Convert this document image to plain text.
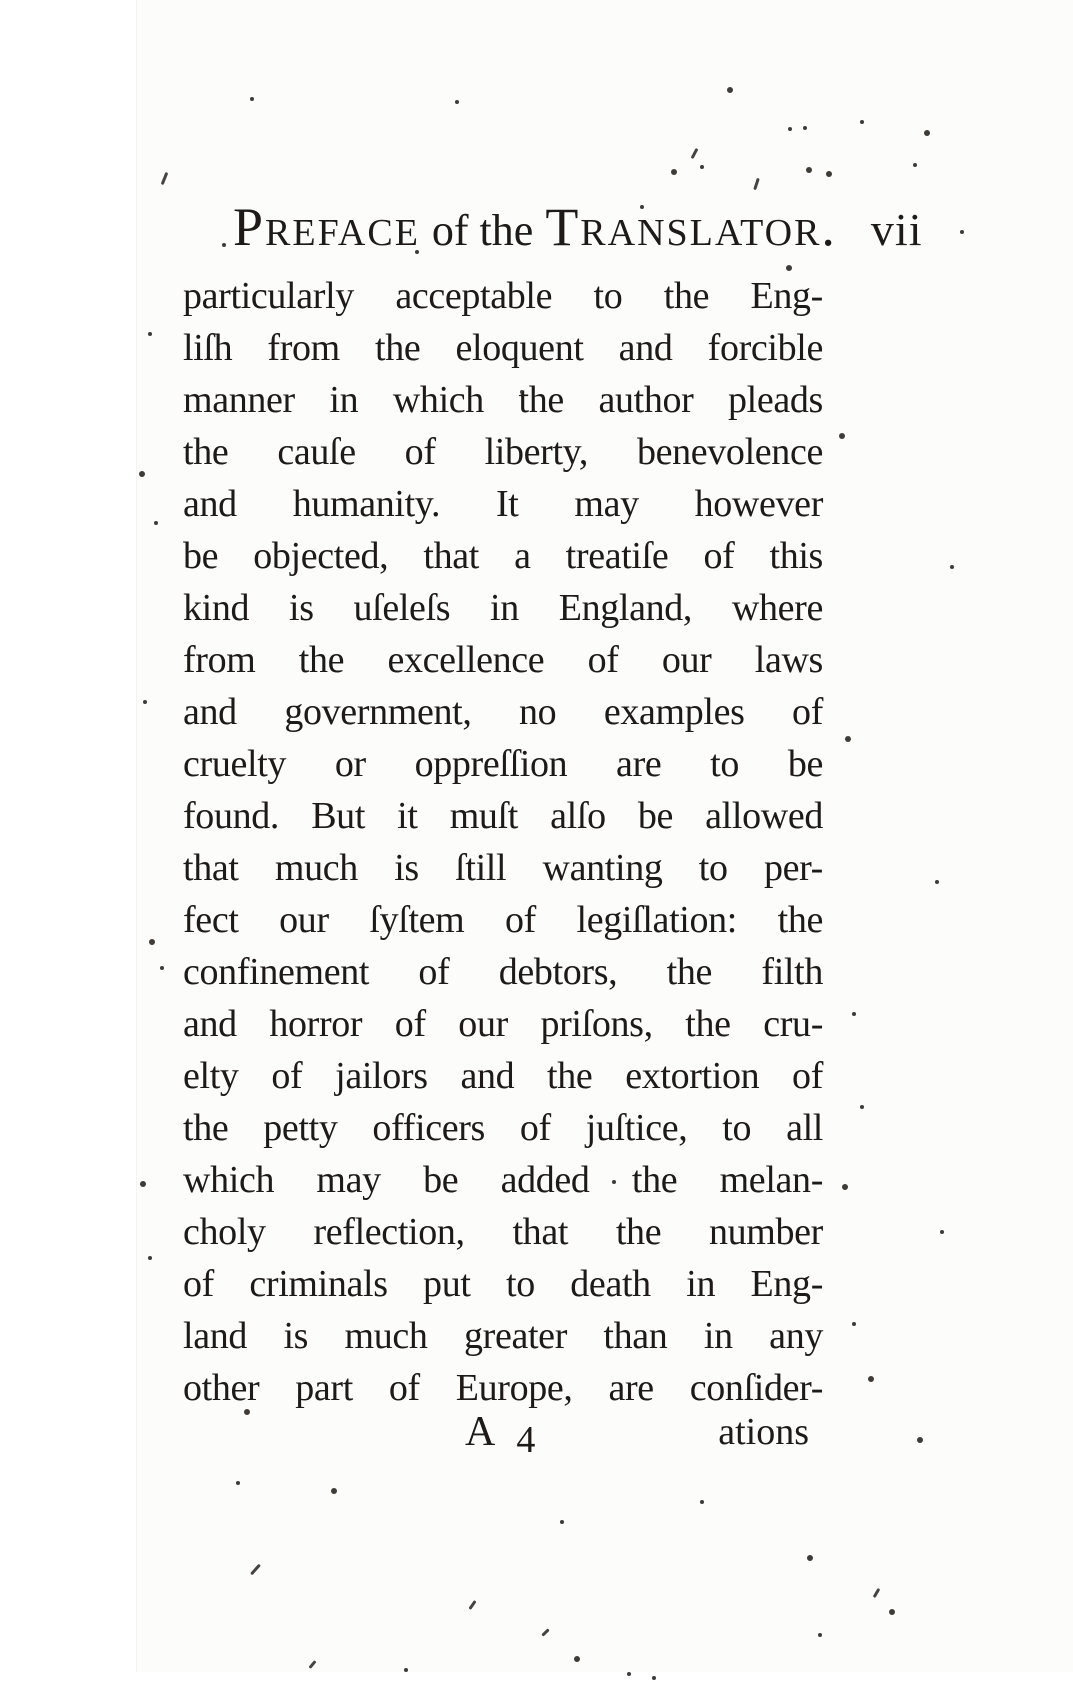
Preface of the Translator. vii
particularly acceptable to the Eng-
liſh from the eloquent and forcible
manner in which the author pleads
the cauſe of liberty, benevolence
and humanity. It may however
be objected, that a treatiſe of this
kind is uſeleſs in England, where
from the excellence of our laws
and government, no examples of
cruelty or oppreſſion are to be
found. But it muſt alſo be allowed
that much is ſtill wanting to per-
fect our ſyſtem of legiſlation: the
confinement of debtors, the filth
and horror of our priſons, the cru-
elty of jailors and the extortion of
the petty officers of juſtice, to all
which may be added the melan-
choly reflection, that the number
of criminals put to death in Eng-
land is much greater than in any
other part of Europe, are conſider-
A 4	ations
